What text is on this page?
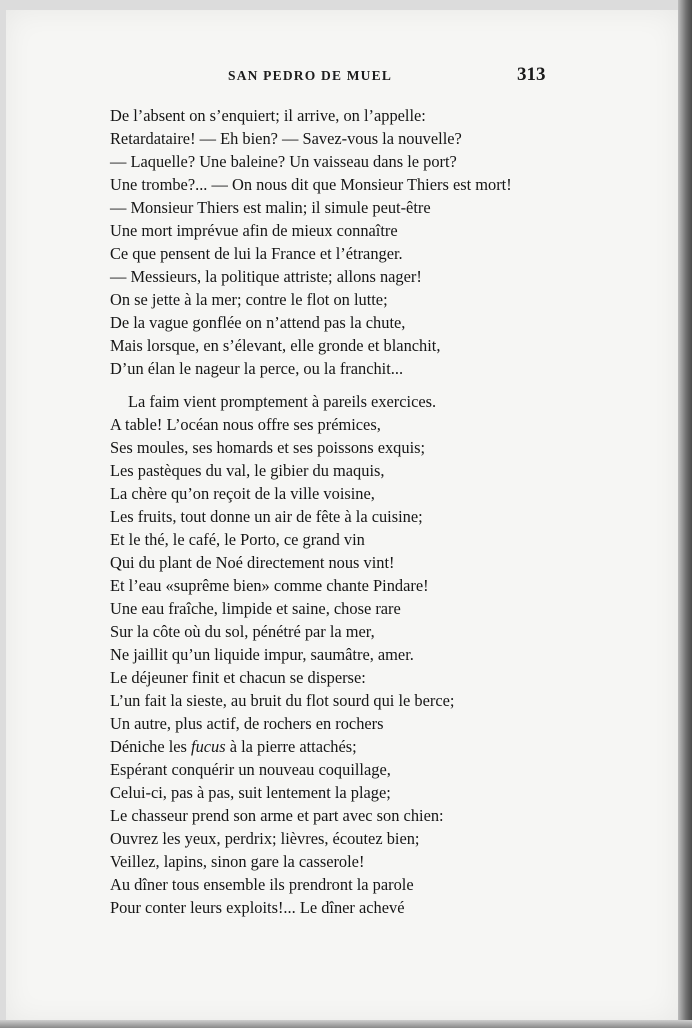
SAN PEDRO DE MUEL	313
De l’absent on s’enquiert; il arrive, on l’appelle:
Retardataire! — Eh bien? — Savez-vous la nouvelle?
— Laquelle? Une baleine? Un vaisseau dans le port?
Une trombe?... — On nous dit que Monsieur Thiers est mort!
— Monsieur Thiers est malin; il simule peut-être
Une mort imprévue afin de mieux connaître
Ce que pensent de lui la France et l’étranger.
— Messieurs, la politique attriste; allons nager!
On se jette à la mer; contre le flot on lutte;
De la vague gonflée on n’attend pas la chute,
Mais lorsque, en s’élevant, elle gronde et blanchit,
D’un élan le nageur la perce, ou la franchit...
La faim vient promptement à pareils exercices.
A table! L’océan nous offre ses prémices,
Ses moules, ses homards et ses poissons exquis;
Les pastèques du val, le gibier du maquis,
La chère qu’on reçoit de la ville voisine,
Les fruits, tout donne un air de fête à la cuisine;
Et le thé, le café, le Porto, ce grand vin
Qui du plant de Noé directement nous vint!
Et l’eau «suprême bien» comme chante Pindare!
Une eau fraîche, limpide et saine, chose rare
Sur la côte où du sol, pénétré par la mer,
Ne jaillit qu’un liquide impur, saumâtre, amer.
Le déjeuner finit et chacun se disperse:
L’un fait la sieste, au bruit du flot sourd qui le berce;
Un autre, plus actif, de rochers en rochers
Déniche les fucus à la pierre attachés;
Espérant conquérir un nouveau coquillage,
Celui-ci, pas à pas, suit lentement la plage;
Le chasseur prend son arme et part avec son chien:
Ouvrez les yeux, perdrix; lièvres, écoutez bien;
Veillez, lapins, sinon gare la casserole!
Au dîner tous ensemble ils prendront la parole
Pour conter leurs exploits!... Le dîner achevé
